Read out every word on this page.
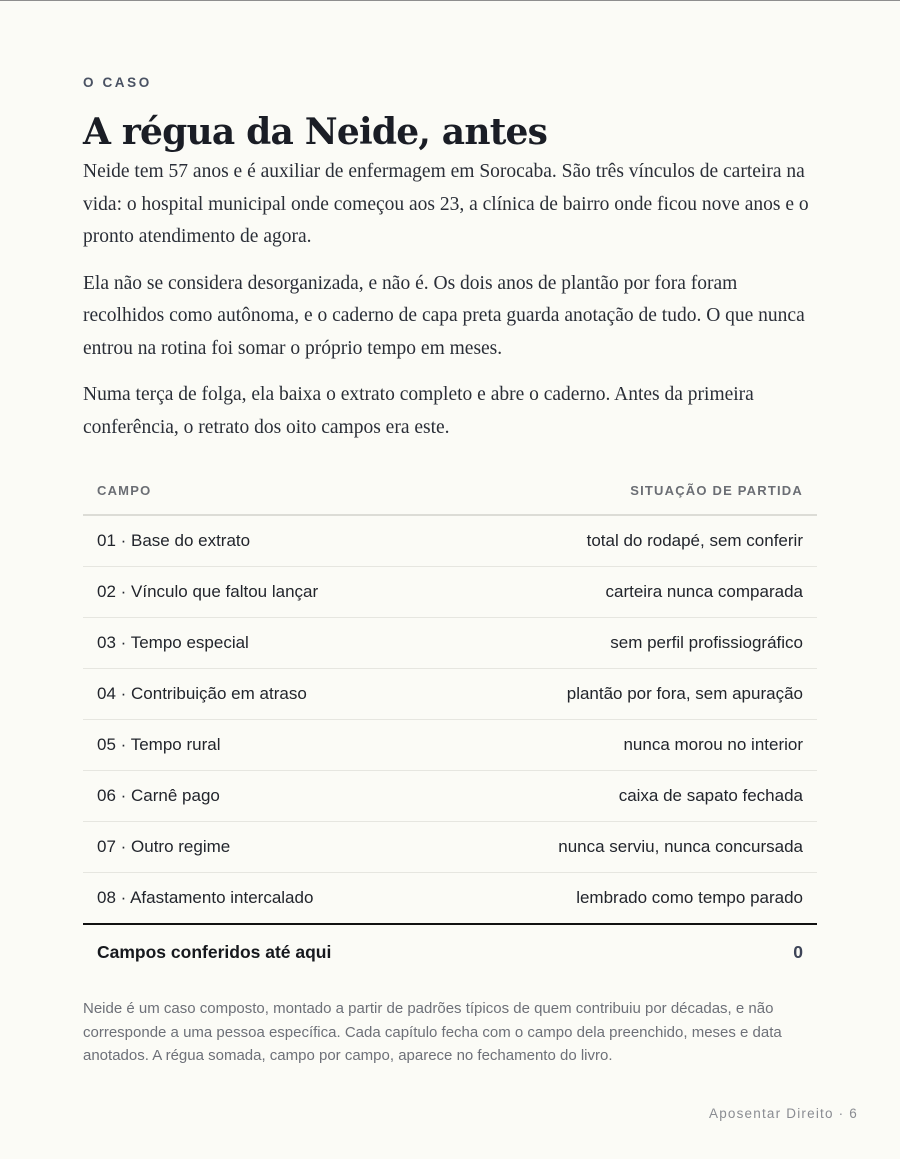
O CASO

A régua da Neide, antes

Neide tem 57 anos e é auxiliar de enfermagem em Sorocaba. São três vínculos de carteira na vida: o hospital municipal onde começou aos 23, a clínica de bairro onde ficou nove anos e o pronto atendimento de agora.

Ela não se considera desorganizada, e não é. Os dois anos de plantão por fora foram recolhidos como autônoma, e o caderno de capa preta guarda anotação de tudo. O que nunca entrou na rotina foi somar o próprio tempo em meses.

Numa terça de folga, ela baixa o extrato completo e abre o caderno. Antes da primeira conferência, o retrato dos oito campos era este.

CAMPO	SITUAÇÃO DE PARTIDA
01 · Base do extrato	total do rodapé, sem conferir
02 · Vínculo que faltou lançar	carteira nunca comparada
03 · Tempo especial	sem perfil profissiográfico
04 · Contribuição em atraso	plantão por fora, sem apuração
05 · Tempo rural	nunca morou no interior
06 · Carnê pago	caixa de sapato fechada
07 · Outro regime	nunca serviu, nunca concursada
08 · Afastamento intercalado	lembrado como tempo parado
Campos conferidos até aqui	0

Neide é um caso composto, montado a partir de padrões típicos de quem contribuiu por décadas, e não corresponde a uma pessoa específica. Cada capítulo fecha com o campo dela preenchido, meses e data anotados. A régua somada, campo por campo, aparece no fechamento do livro.

Aposentar Direito · 6
